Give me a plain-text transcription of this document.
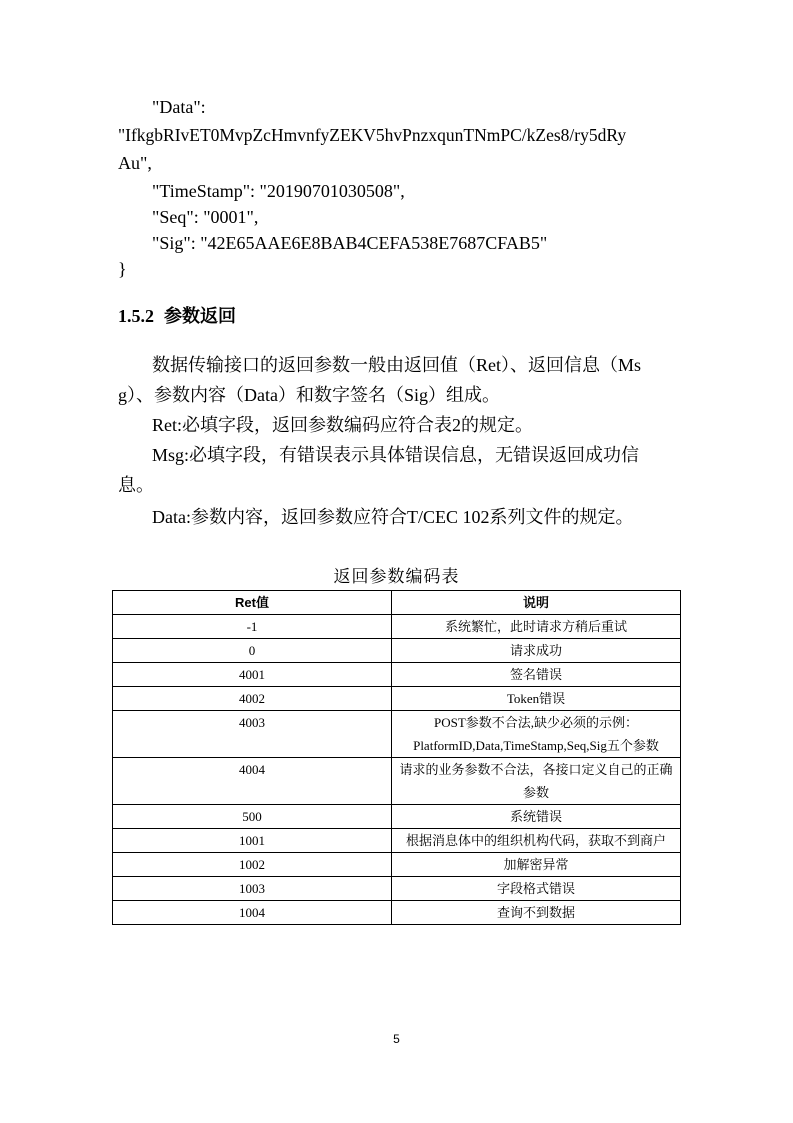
"Data":
"IfkgbRIvET0MvpZcHmvnfyZEKV5hvPnzxqunTNmPC/kZes8/ry5dRy
Au",
"TimeStamp": "20190701030508",
"Seq": "0001",
"Sig": "42E65AAE6E8BAB4CEFA538E7687CFAB5"
}
1.5.2 参数返回
数据传输接口的返回参数一般由返回值（Ret）、返回信息（Ms
g）、参数内容（Data）和数字签名（Sig）组成。
Ret:必填字段，返回参数编码应符合表2的规定。
Msg:必填字段，有错误表示具体错误信息，无错误返回成功信
息。
Data:参数内容，返回参数应符合T/CEC 102系列文件的规定。
返回参数编码表
Ret值	说明
-1	系统繁忙，此时请求方稍后重试
0	请求成功
4001	签名错误
4002	Token错误
4003	POST参数不合法,缺少必须的示例：PlatformID,Data,TimeStamp,Seq,Sig五个参数
4004	请求的业务参数不合法，各接口定义自己的正确参数
500	系统错误
1001	根据消息体中的组织机构代码，获取不到商户
1002	加解密异常
1003	字段格式错误
1004	查询不到数据
5
